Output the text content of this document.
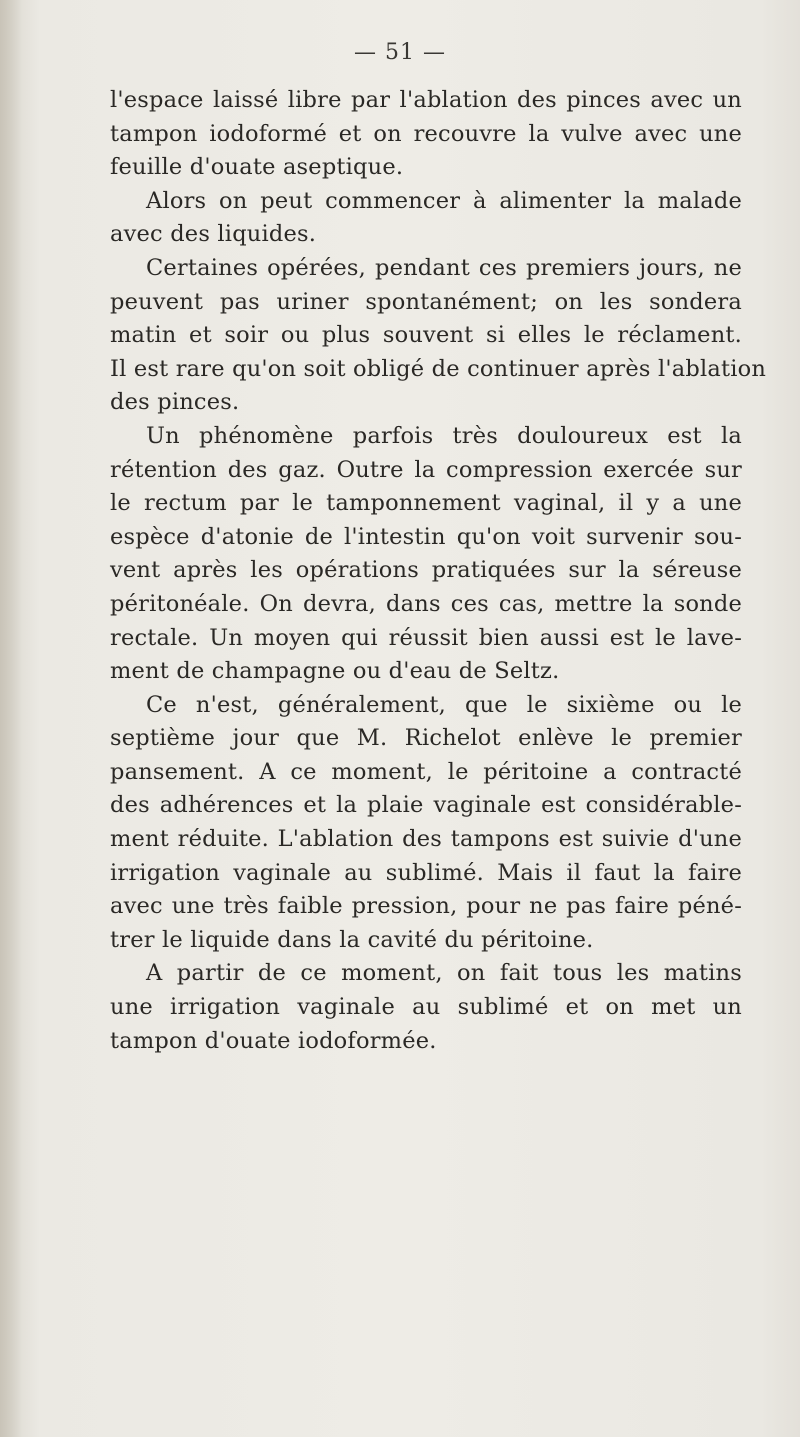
— 51 —
l'espace laissé libre par l'ablation des pinces avec un
tampon iodoformé et on recouvre la vulve avec une
feuille d'ouate aseptique.
Alors on peut commencer à alimenter la malade
avec des liquides.
Certaines opérées, pendant ces premiers jours, ne
peuvent pas uriner spontanément; on les sondera
matin et soir ou plus souvent si elles le réclament.
Il est rare qu'on soit obligé de continuer après l'ablation
des pinces.
Un phénomène parfois très douloureux est la
rétention des gaz. Outre la compression exercée sur
le rectum par le tamponnement vaginal, il y a une
espèce d'atonie de l'intestin qu'on voit survenir sou-
vent après les opérations pratiquées sur la séreuse
péritonéale. On devra, dans ces cas, mettre la sonde
rectale. Un moyen qui réussit bien aussi est le lave-
ment de champagne ou d'eau de Seltz.
Ce n'est, généralement, que le sixième ou le
septième jour que M. Richelot enlève le premier
pansement. A ce moment, le péritoine a contracté
des adhérences et la plaie vaginale est considérable-
ment réduite. L'ablation des tampons est suivie d'une
irrigation vaginale au sublimé. Mais il faut la faire
avec une très faible pression, pour ne pas faire péné-
trer le liquide dans la cavité du péritoine.
A partir de ce moment, on fait tous les matins
une irrigation vaginale au sublimé et on met un
tampon d'ouate iodoformée.
